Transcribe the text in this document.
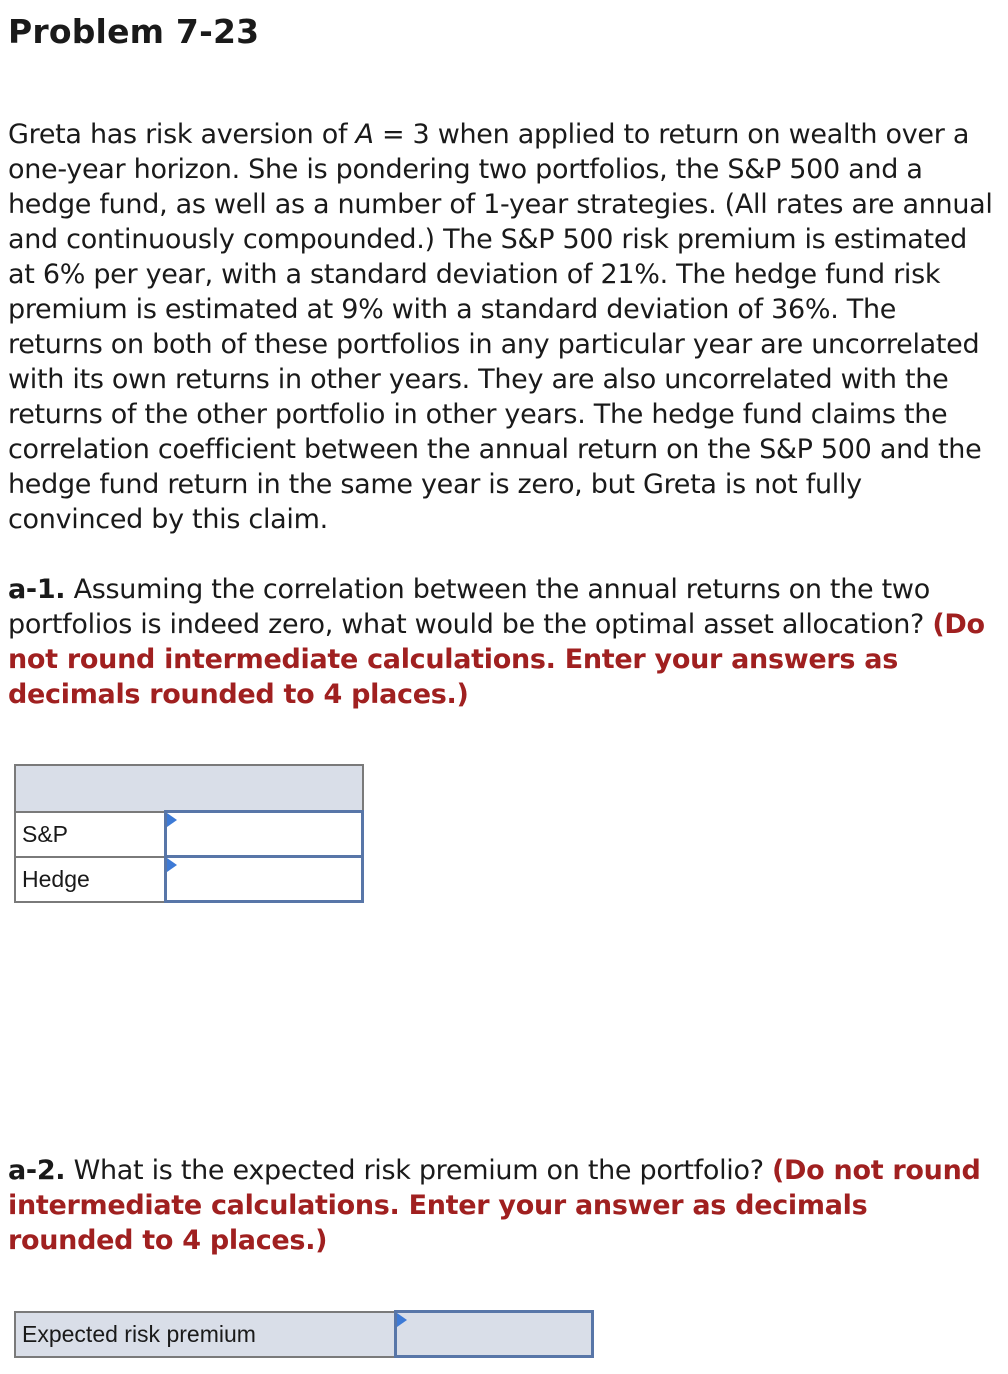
Problem 7-23

Greta has risk aversion of A = 3 when applied to return on wealth over a one-year horizon. She is pondering two portfolios, the S&P 500 and a hedge fund, as well as a number of 1-year strategies. (All rates are annual and continuously compounded.) The S&P 500 risk premium is estimated at 6% per year, with a standard deviation of 21%. The hedge fund risk premium is estimated at 9% with a standard deviation of 36%. The returns on both of these portfolios in any particular year are uncorrelated with its own returns in other years. They are also uncorrelated with the returns of the other portfolio in other years. The hedge fund claims the correlation coefficient between the annual return on the S&P 500 and the hedge fund return in the same year is zero, but Greta is not fully convinced by this claim.

a-1. Assuming the correlation between the annual returns on the two portfolios is indeed zero, what would be the optimal asset allocation? (Do not round intermediate calculations. Enter your answers as decimals rounded to 4 places.)

S&P	

Hedge	

a-2. What is the expected risk premium on the portfolio? (Do not round intermediate calculations. Enter your answer as decimals rounded to 4 places.)

Expected risk premium	
